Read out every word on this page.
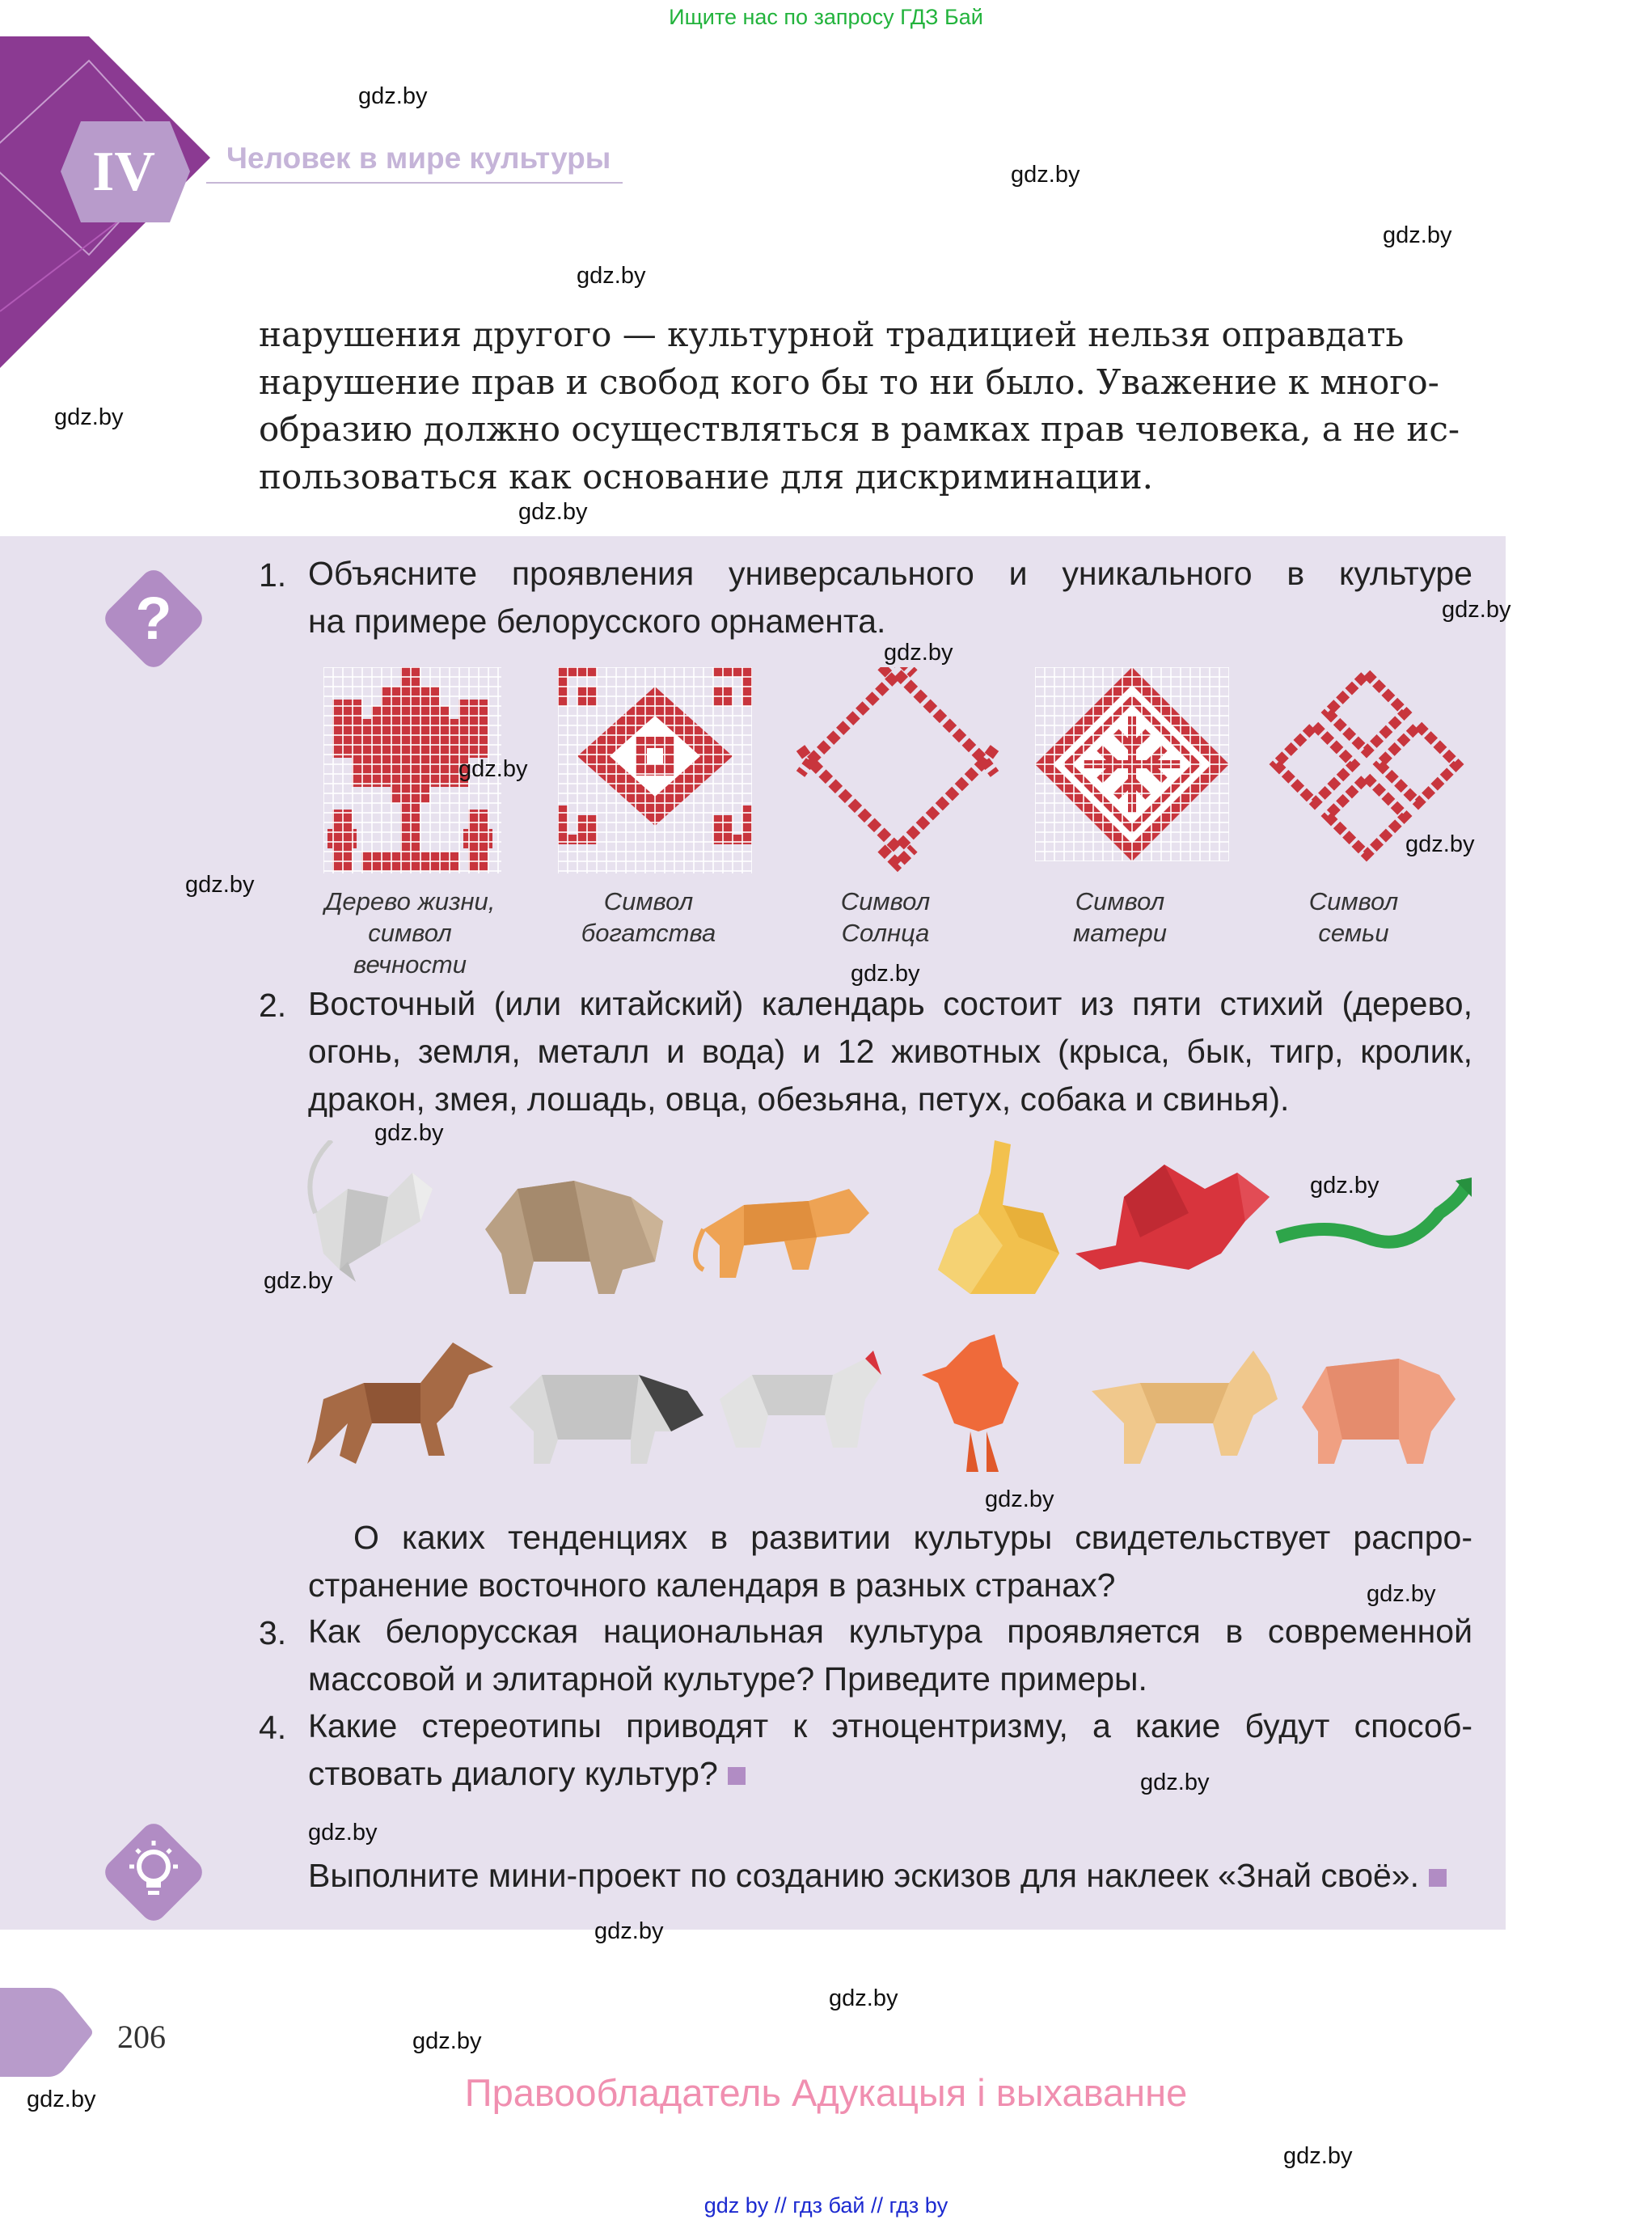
Ищите нас по запросу ГДЗ Бай
IV	Человек в мире культуры
gdz.by
gdz.by
gdz.by
gdz.by
gdz.by
gdz.by
нарушения другого — культурной традицией нельзя оправдать
нарушение прав и свобод кого бы то ни было. Уважение к много-
образию должно осуществляться в рамках прав человека, а не ис-
пользоваться как основание для дискриминации.
?
1. Объясните проявления универсального и уникального в культуре
на примере белорусского орнамента.	gdz.by
gdz.by
gdz.by
gdz.by
gdz.by
Дерево жизни,
символ вечности
Символ
богатства
Символ
Солнца
Символ
матери
Символ
семьи
gdz.by
2. Восточный (или китайский) календарь состоит из пяти стихий (дерево,
огонь, земля, металл и вода) и 12 животных (крыса, бык, тигр, кролик,
дракон, змея, лошадь, овца, обезьяна, петух, собака и свинья).
gdz.by
gdz.by
gdz.by
gdz.by
О каких тенденциях в развитии культуры свидетельствует распро-
странение восточного календаря в разных странах?	gdz.by
3. Как белорусская национальная культура проявляется в современной
массовой и элитарной культуре? Приведите примеры.
4. Какие стереотипы приводят к этноцентризму, а какие будут способ-
ствовать диалогу культур?	gdz.by
gdz.by
Выполните мини-проект по созданию эскизов для наклеек «Знай своё».
gdz.by
gdz.by
gdz.by
gdz.by
gdz.by
206
Правообладатель Адукацыя і выхаванне
gdz by // гдз бай // гдз by
